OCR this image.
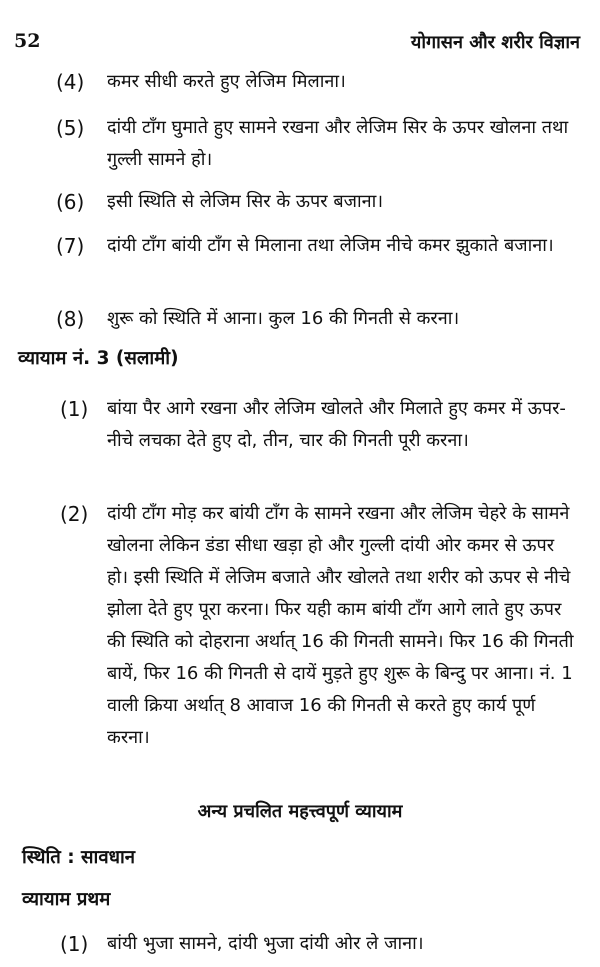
52	योगासन और शरीर विज्ञान
(4) कमर सीधी करते हुए लेजिम मिलाना।
(5) दांयी टाँग घुमाते हुए सामने रखना और लेजिम सिर के ऊपर खोलना तथा गुल्ली सामने हो।
(6) इसी स्थिति से लेजिम सिर के ऊपर बजाना।
(7) दांयी टाँग बांयी टाँग से मिलाना तथा लेजिम नीचे कमर झुकाते बजाना।
(8) शुरू को स्थिति में आना। कुल 16 की गिनती से करना।
व्यायाम नं. 3 (सलामी)
(1) बांया पैर आगे रखना और लेजिम खोलते और मिलाते हुए कमर में ऊपर-नीचे लचका देते हुए दो, तीन, चार की गिनती पूरी करना।
(2) दांयी टाँग मोड़ कर बांयी टाँग के सामने रखना और लेजिम चेहरे के सामने खोलना लेकिन डंडा सीधा खड़ा हो और गुल्ली दांयी ओर कमर से ऊपर हो। इसी स्थिति में लेजिम बजाते और खोलते तथा शरीर को ऊपर से नीचे झोला देते हुए पूरा करना। फिर यही काम बांयी टाँग आगे लाते हुए ऊपर की स्थिति को दोहराना अर्थात् 16 की गिनती सामने। फिर 16 की गिनती बायें, फिर 16 की गिनती से दायें मुड़ते हुए शुरू के बिन्दु पर आना। नं. 1 वाली क्रिया अर्थात् 8 आवाज 16 की गिनती से करते हुए कार्य पूर्ण करना।
अन्य प्रचलित महत्त्वपूर्ण व्यायाम
स्थिति : सावधान
व्यायाम प्रथम
(1) बांयी भुजा सामने, दांयी भुजा दांयी ओर ले जाना।
